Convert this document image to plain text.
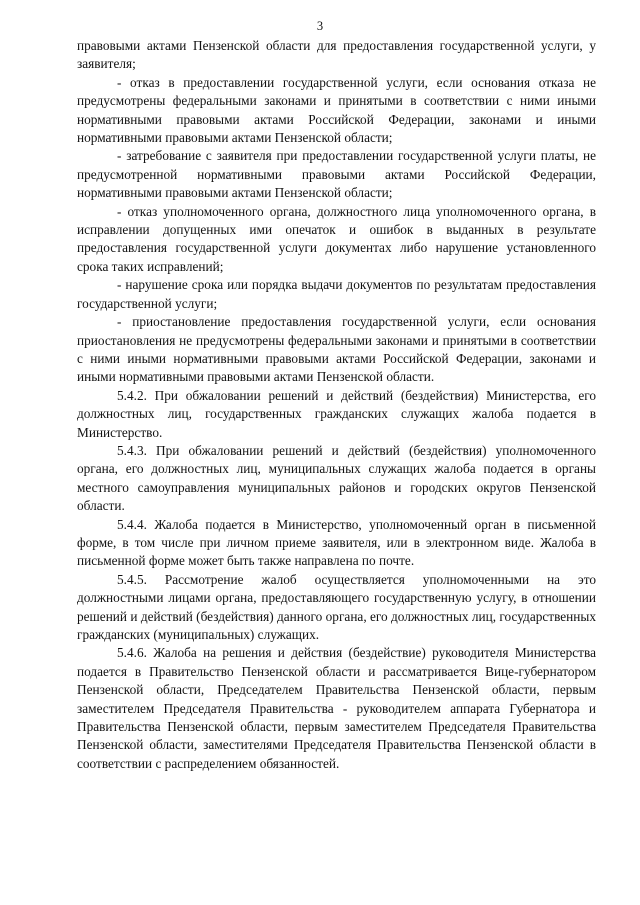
3

правовыми актами Пензенской области для предоставления государственной услуги, у заявителя;

- отказ в предоставлении государственной услуги, если основания отказа не предусмотрены федеральными законами и принятыми в соответствии с ними иными нормативными правовыми актами Российской Федерации, законами и иными нормативными правовыми актами Пензенской области;

- затребование с заявителя при предоставлении государственной услуги платы, не предусмотренной нормативными правовыми актами Российской Федерации, нормативными правовыми актами Пензенской области;

- отказ уполномоченного органа, должностного лица уполномоченного органа, в исправлении допущенных ими опечаток и ошибок в выданных в результате предоставления государственной услуги документах либо нарушение установленного срока таких исправлений;

- нарушение срока или порядка выдачи документов по результатам предоставления государственной услуги;

- приостановление предоставления государственной услуги, если основания приостановления не предусмотрены федеральными законами и принятыми в соответствии с ними иными нормативными правовыми актами Российской Федерации, законами и иными нормативными правовыми актами Пензенской области.

5.4.2. При обжаловании решений и действий (бездействия) Министерства, его должностных лиц, государственных гражданских служащих жалоба подается в Министерство.

5.4.3. При обжаловании решений и действий (бездействия) уполномоченного органа, его должностных лиц, муниципальных служащих жалоба подается в органы местного самоуправления муниципальных районов и городских округов Пензенской области.

5.4.4. Жалоба подается в Министерство, уполномоченный орган в письменной форме, в том числе при личном приеме заявителя, или в электронном виде. Жалоба в письменной форме может быть также направлена по почте.

5.4.5. Рассмотрение жалоб осуществляется уполномоченными на это должностными лицами органа, предоставляющего государственную услугу, в отношении решений и действий (бездействия) данного органа, его должностных лиц, государственных гражданских (муниципальных) служащих.

5.4.6. Жалоба на решения и действия (бездействие) руководителя Министерства подается в Правительство Пензенской области и рассматривается Вице-губернатором Пензенской области, Председателем Правительства Пензенской области, первым заместителем Председателя Правительства - руководителем аппарата Губернатора и Правительства Пензенской области, первым заместителем Председателя Правительства Пензенской области, заместителями Председателя Правительства Пензенской области в соответствии с распределением обязанностей.
